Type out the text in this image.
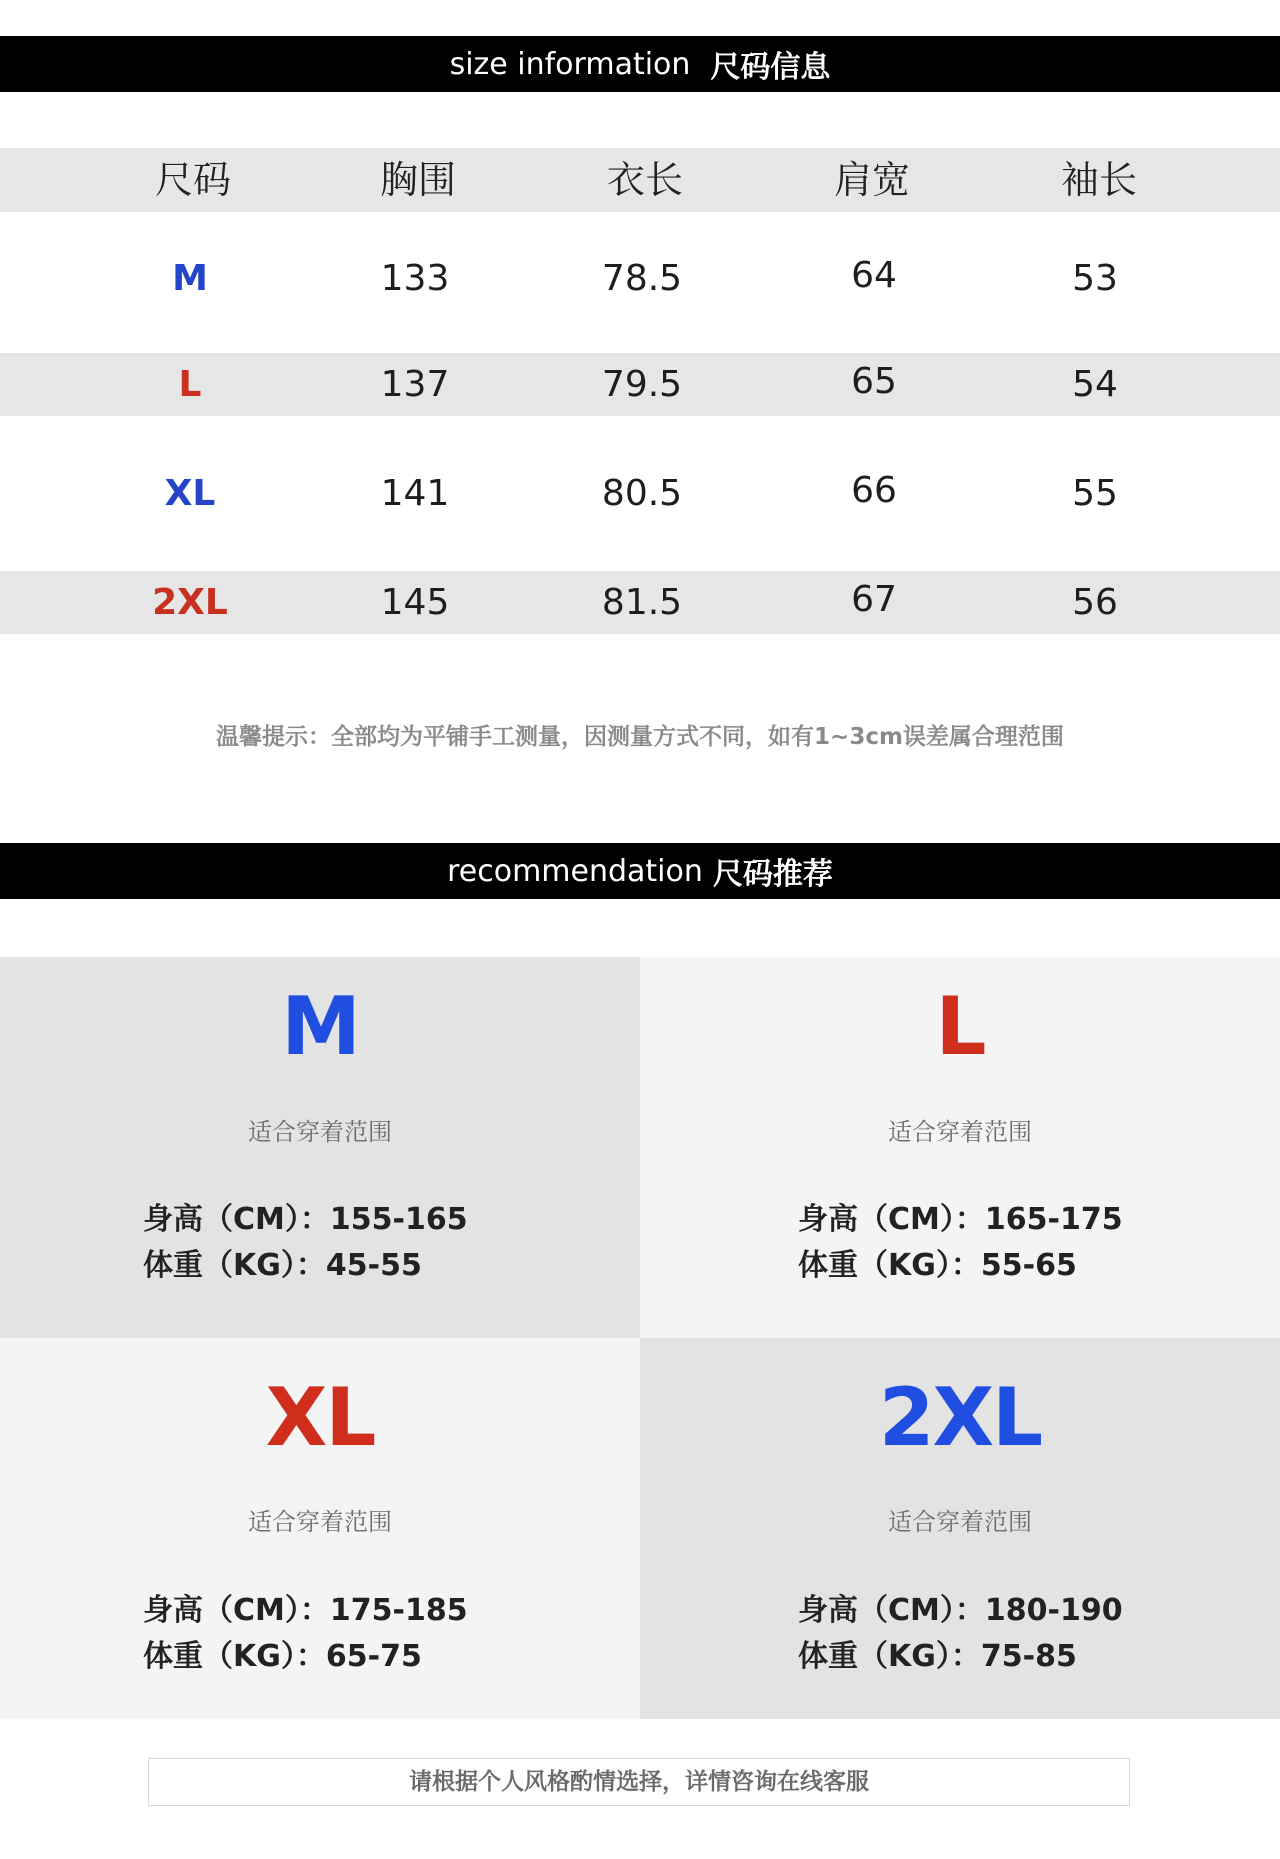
size information 尺码信息
尺码	胸围	衣长	肩宽	袖长
M	133	78.5	64	53
L	137	79.5	65	54
XL	141	80.5	66	55
2XL	145	81.5	67	56
温馨提示：全部均为平铺手工测量，因测量方式不同，如有1~3cm误差属合理范围
recommendation 尺码推荐
M
适合穿着范围
身高（CM）：155-165
体重（KG）：45-55
L
适合穿着范围
身高（CM）：165-175
体重（KG）：55-65
XL
适合穿着范围
身高（CM）：175-185
体重（KG）：65-75
2XL
适合穿着范围
身高（CM）：180-190
体重（KG）：75-85
请根据个人风格酌情选择，详情咨询在线客服
